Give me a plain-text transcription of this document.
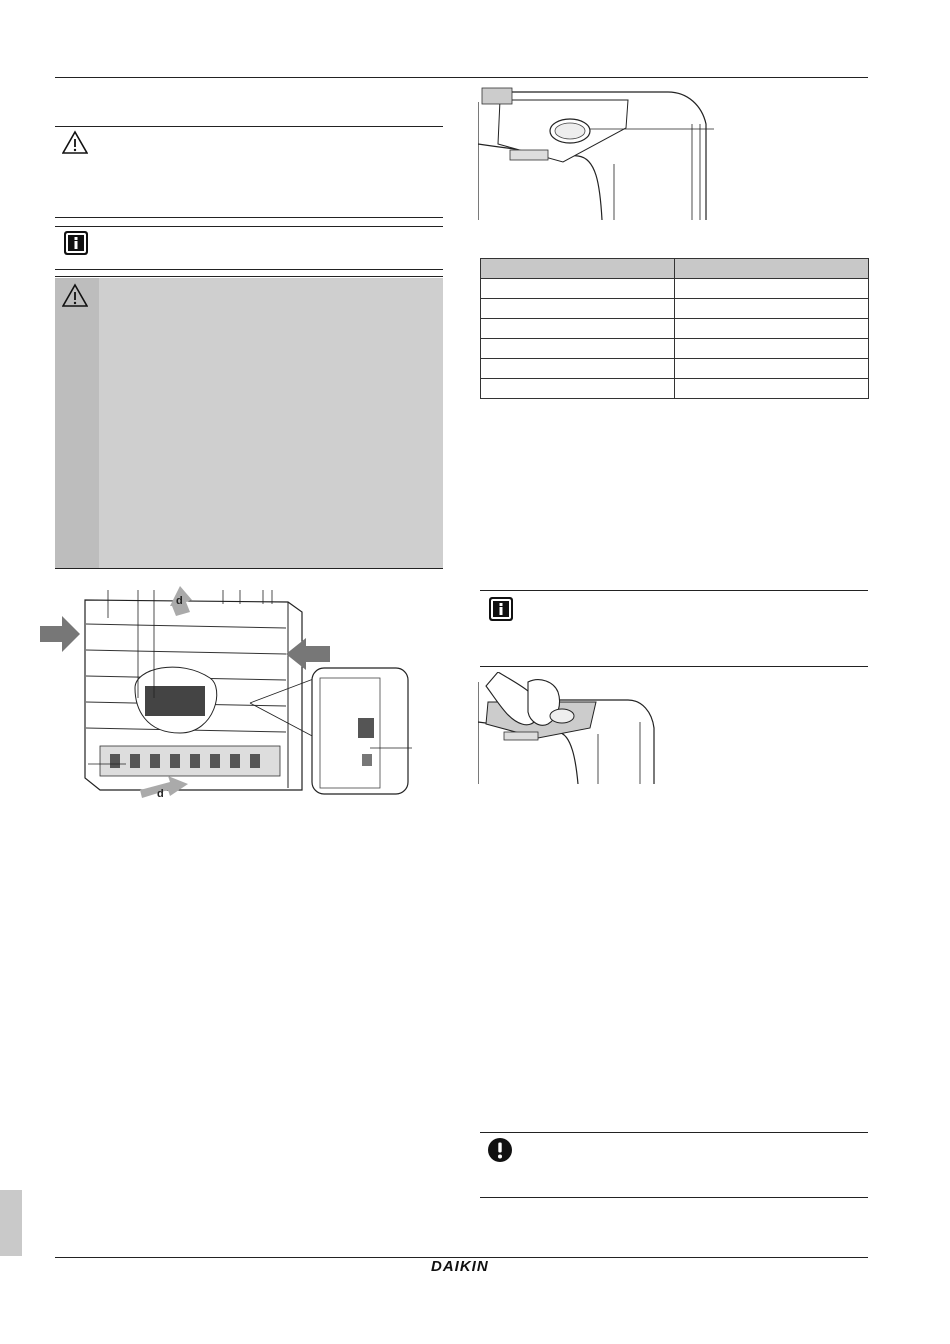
d
d

DAIKIN
